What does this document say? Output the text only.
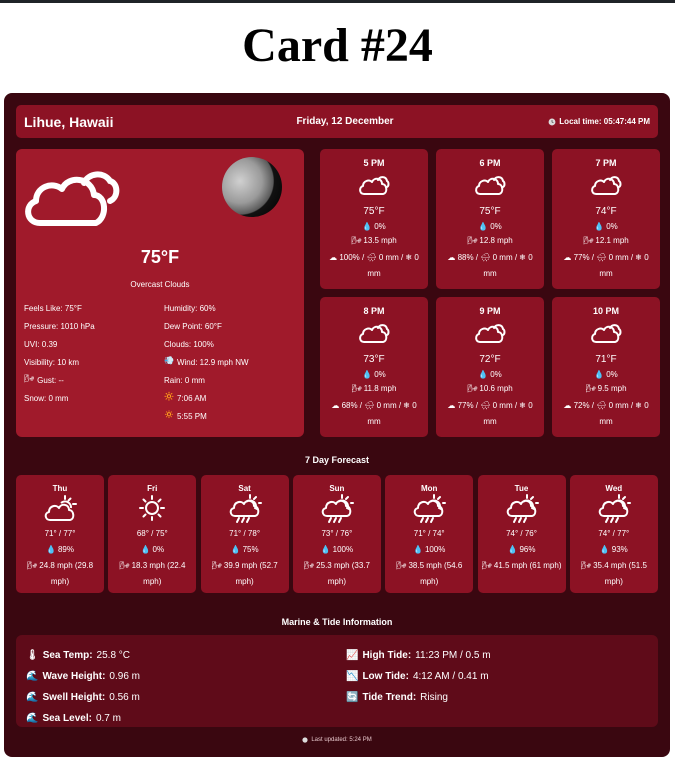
Card #24
Lihue, Hawaii	Friday, 12 December	Local time: 05:47:44 PM
75°F
Overcast Clouds
Feels Like: 75°F	Humidity: 60%
Pressure: 1010 hPa	Dew Point: 60°F
UVI: 0.39	Clouds: 100%
Visibility: 10 km	💨 Wind: 12.9 mph NW
🌬 Gust: --	Rain: 0 mm
Snow: 0 mm	🔆 7:06 AM
🔅 5:55 PM
5 PM
75°F
💧 0%
🌬 13.5 mph
☁ 100% / 🌧 0 mm / ❄ 0 mm
6 PM
75°F
💧 0%
🌬 12.8 mph
☁ 88% / 🌧 0 mm / ❄ 0 mm
7 PM
74°F
💧 0%
🌬 12.1 mph
☁ 77% / 🌧 0 mm / ❄ 0 mm
8 PM
73°F
💧 0%
🌬 11.8 mph
☁ 68% / 🌧 0 mm / ❄ 0 mm
9 PM
72°F
💧 0%
🌬 10.6 mph
☁ 77% / 🌧 0 mm / ❄ 0 mm
10 PM
71°F
💧 0%
🌬 9.5 mph
☁ 72% / 🌧 0 mm / ❄ 0 mm
7 Day Forecast
Thu
71° / 77°
💧 89%
🌬 24.8 mph (29.8 mph)
Fri
68° / 75°
💧 0%
🌬 18.3 mph (22.4 mph)
Sat
71° / 78°
💧 75%
🌬 39.9 mph (52.7 mph)
Sun
73° / 76°
💧 100%
🌬 25.3 mph (33.7 mph)
Mon
71° / 74°
💧 100%
🌬 38.5 mph (54.6 mph)
Tue
74° / 76°
💧 96%
🌬 41.5 mph (61 mph)
Wed
74° / 77°
💧 93%
🌬 35.4 mph (51.5 mph)
Marine & Tide Information
🌡 Sea Temp: 25.8 °C
🌊 Wave Height: 0.96 m
🌊 Swell Height: 0.56 m
🌊 Sea Level: 0.7 m
📈 High Tide: 11:23 PM / 0.5 m
📉 Low Tide: 4:12 AM / 0.41 m
🔄 Tide Trend: Rising
Last updated: 5:24 PM
